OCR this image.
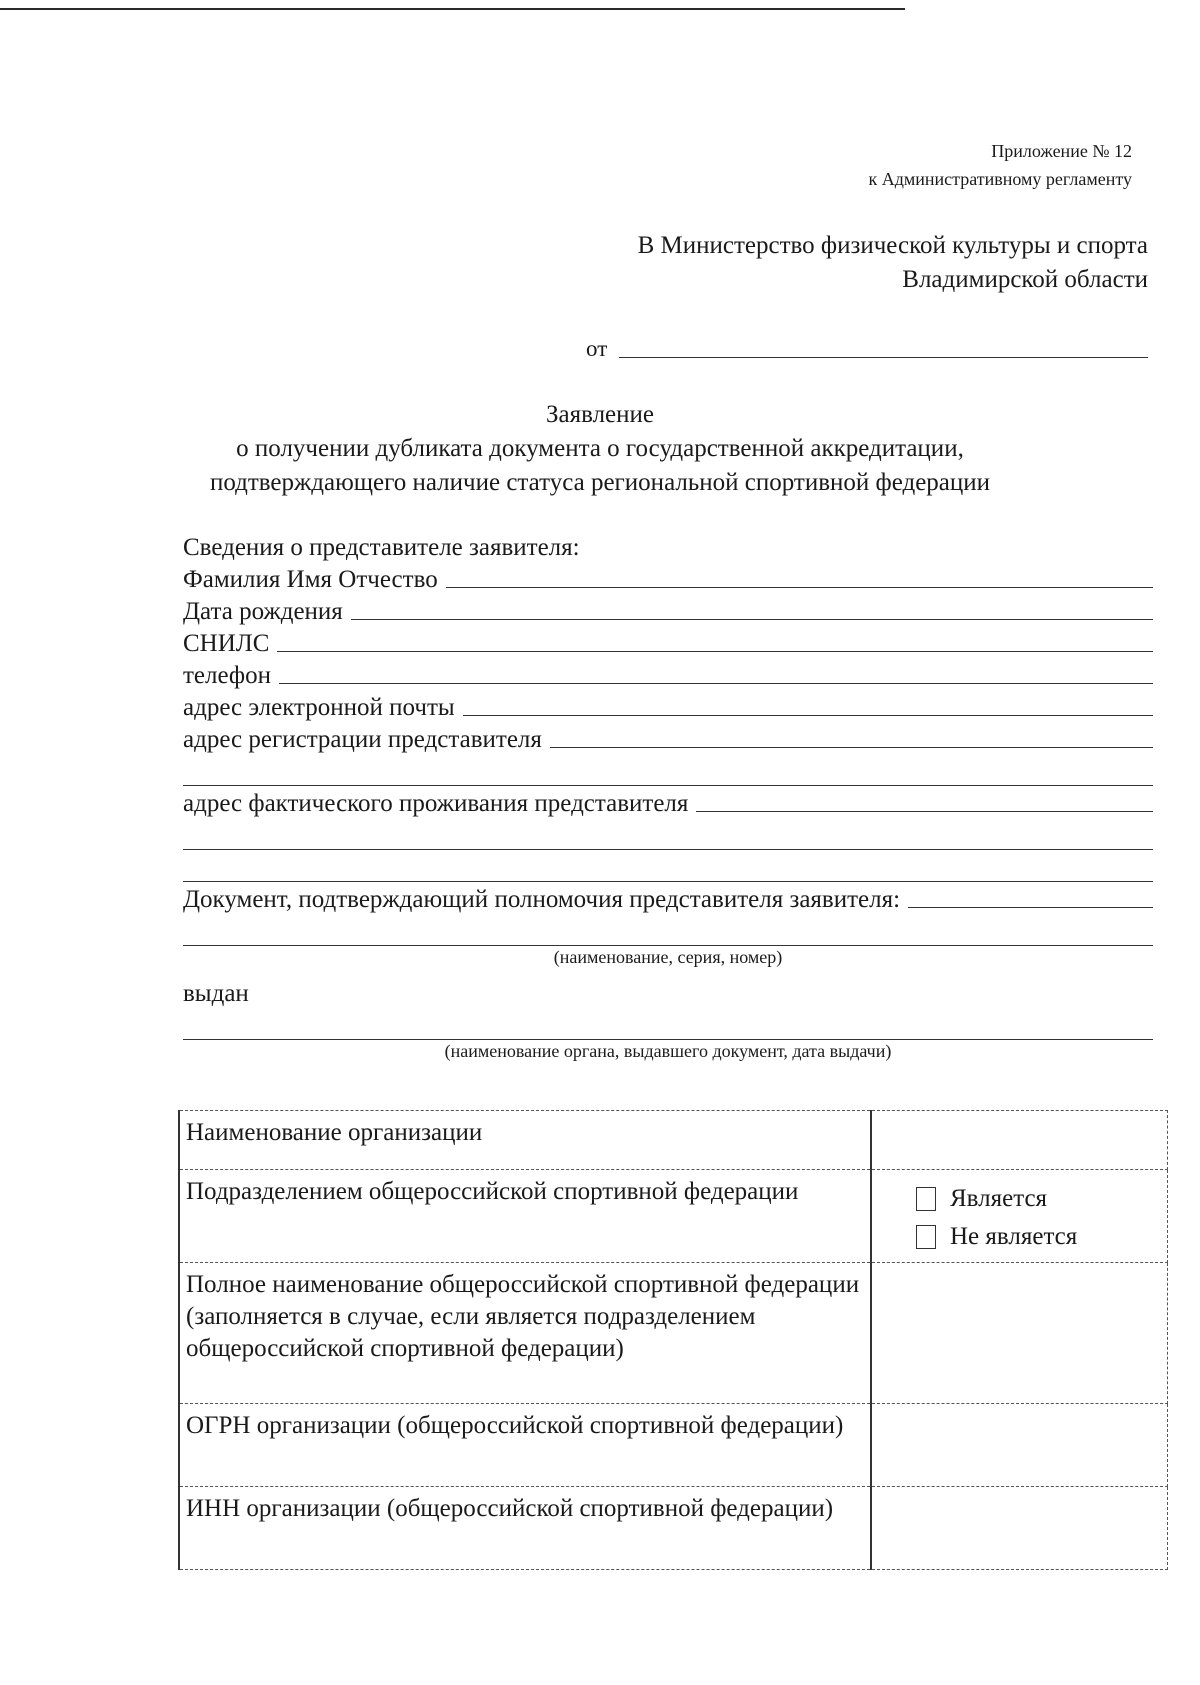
Приложение № 12
к Административному регламенту
В Министерство физической культуры и спорта
Владимирской области
от
Заявление
о получении дубликата документа о государственной аккредитации,
подтверждающего наличие статуса региональной спортивной федерации
Сведения о представителе заявителя:
Фамилия Имя Отчество
Дата рождения
СНИЛС
телефон
адрес электронной почты
адрес регистрации представителя
адрес фактического проживания представителя
Документ, подтверждающий полномочия представителя заявителя:
(наименование, серия, номер)
выдан
(наименование органа, выдавшего документ, дата выдачи)
Наименование организации	
Подразделением общероссийской спортивной федерации	Является
Не является

Полное наименование общероссийской спортивной федерации (заполняется в случае, если является подразделением общероссийской спортивной федерации)	
ОГРН организации (общероссийской спортивной федерации)	
ИНН организации (общероссийской спортивной федерации)	
